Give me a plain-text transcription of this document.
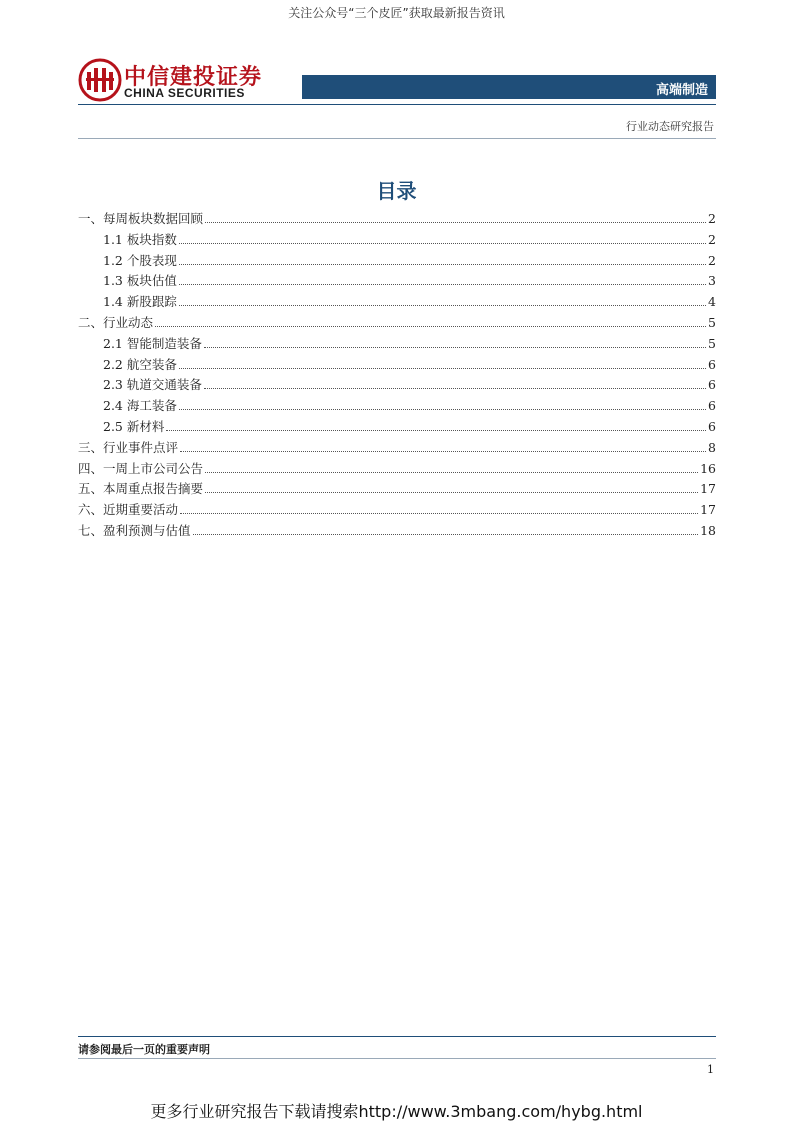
关注公众号“三个皮匠”获取最新报告资讯
中信建投证券
CHINA SECURITIES	高端制造
行业动态研究报告
目录
一、每周板块数据回顾	2
1.1 板块指数	2
1.2 个股表现	2
1.3 板块估值	3
1.4 新股跟踪	4
二、行业动态	5
2.1 智能制造装备	5
2.2 航空装备	6
2.3 轨道交通装备	6
2.4 海工装备	6
2.5 新材料	6
三、行业事件点评	8
四、一周上市公司公告	16
五、本周重点报告摘要	17
六、近期重要活动	17
七、盈利预测与估值	18
请参阅最后一页的重要声明
1
更多行业研究报告下载请搜索http://www.3mbang.com/hybg.html
